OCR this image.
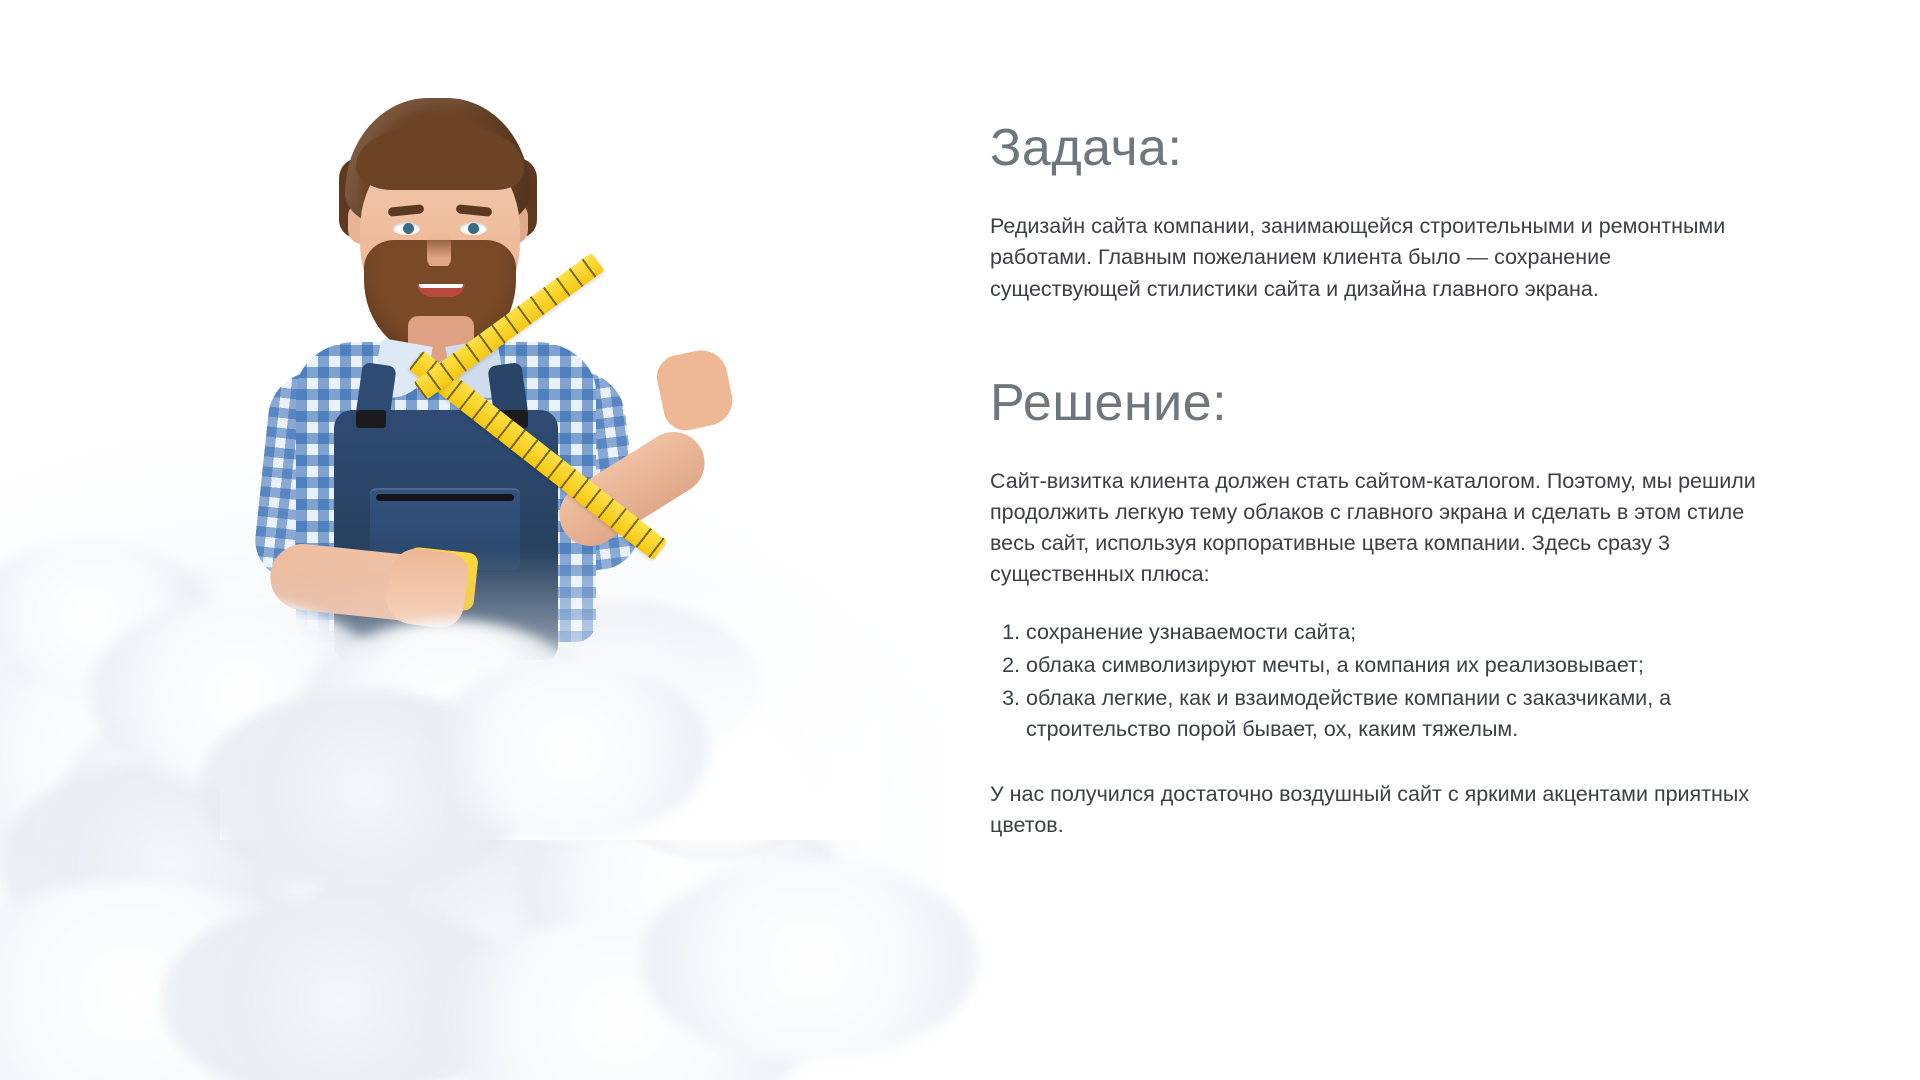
Задача:

Редизайн сайта компании, занимающейся строительными и ремонтными работами. Главным пожеланием клиента было — сохранение существующей стилистики сайта и дизайна главного экрана.

Решение:

Сайт-визитка клиента должен стать сайтом-каталогом. Поэтому, мы решили продолжить легкую тему облаков с главного экрана и сделать в этом стиле весь сайт, используя корпоративные цвета компании. Здесь сразу 3 существенных плюса:

1. сохранение узнаваемости сайта;
2. облака символизируют мечты, а компания их реализовывает;
3. облака легкие, как и взаимодействие компании с заказчиками, а строительство порой бывает, ох, каким тяжелым.

У нас получился достаточно воздушный сайт с яркими акцентами приятных цветов.
